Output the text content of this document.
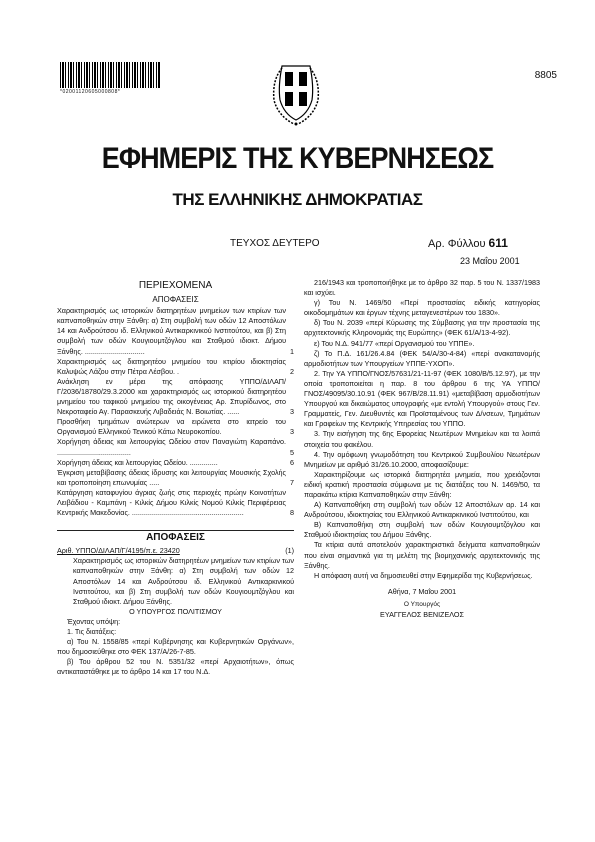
*02001120605000808*
8805
ΕΦΗΜΕΡΙΣ ΤΗΣ ΚΥΒΕΡΝΗΣΕΩΣ
ΤΗΣ ΕΛΛΗΝΙΚΗΣ ΔΗΜΟΚΡΑΤΙΑΣ
ΤΕΥΧΟΣ ΔΕΥΤΕΡΟ	Αρ. Φύλλου 611
23 Μαΐου 2001
ΠΕΡΙΕΧΟΜΕΝΑ
ΑΠΟΦΑΣΕΙΣ
Χαρακτηρισμός ως ιστορικών διατηρητέων μνημείων των κτιρίων των καπναποθηκών στην Ξάνθη: α) Στη συμβολή των οδών 12 Αποστόλων 14 και Ανδρούτσου ιδ. Ελληνικού Αντικαρκινικού Ινστιτούτου, και β) Στη συμβολή των οδών Κουγιουμτζόγλου και Σταθμού ιδιοκτ. Δήμου Ξάνθης. ..............................	1
Χαρακτηρισμός ως διατηρητέου μνημείου του κτιρίου ιδιοκτησίας Καλυψώς Λάζου στην Πέτρα Λέσβου. .	2
Ανάκληση εν μέρει της απόφασης ΥΠΠΟ/ΔΙΛΑΠ/Γ/2036/18780/29.3.2000 και χαρακτηρισμός ως ιστορικού διατηρητέου μνημείου του ταφικού μνημείου της οικογένειας Αρ. Σπυρίδωνος, στο Νεκροταφείο Αγ. Παρασκευής Λιβαδειάς Ν. Βοιωτίας. ......	3
Προσθήκη τμημάτων ανώτερων να ειρώνετα στο ιατρείο του Οργανισμού Ελληνικού Τενικού Κάτω Νευροκοπίου.	3
Χορήγηση άδειας και λειτουργίας Ωδείου στον Παναγιώτη Καραπάνο. .....................................	5
Χορήγηση άδειας και λειτουργίας Ωδείου. ..............	6
Έγκριση μεταβίβασης άδειας ίδρυσης και λειτουργίας Μουσικής Σχολής και τροποποίηση επωνυμίας .....	7
Κατάργηση καταφυγίου άγριας ζωής στις περιοχές πρώην Κοινοτήτων Λειβάδιου - Καμπάνη - Κιλκίς Δήμου Κιλκίς Νομού Κιλκίς Περιφέρειας Κεντρικής Μακεδονίας. ........................................................	8
ΑΠΟΦΑΣΕΙΣ
Αριθ. ΥΠΠΟ/ΔΙΛΑΠ/Γ/4195/π.ε. 23420	(1)

Χαρακτηρισμός ως ιστορικών διατηρητέων μνημείων των κτιρίων των καπναποθηκών στην Ξάνθη: α) Στη συμβολή των οδών 12 Αποστόλων 14 και Ανδρούτσου ιδ. Ελληνικού Αντικαρκινικού Ινστιτούτου, και β) Στη συμβολή των οδών Κουγιουμτζόγλου και Σταθμού ιδιοκτ. Δήμου Ξάνθης.

Ο ΥΠΟΥΡΓΟΣ ΠΟΛΙΤΙΣΜΟΥ

Έχοντας υπόψη:

1. Τις διατάξεις:

α) Του Ν. 1558/85 «περί Κυβέρνησης και Κυβερνητικών Οργάνων», που δημοσιεύθηκε στο ΦΕΚ 137/Α/26-7-85.

β) Του άρθρου 52 του Ν. 5351/32 «περί Αρχαιοτήτων», όπως αντικαταστάθηκε με το άρθρο 14 και 17 του Ν.Δ.

216/1943 και τροποποιήθηκε με το άρθρο 32 παρ. 5 του Ν. 1337/1983 και ισχύει.

γ) Του Ν. 1469/50 «Περί προστασίας ειδικής κατηγορίας οικοδομημάτων και έργων τέχνης μεταγενεστέρων του 1830».

δ) Του Ν. 2039 «περί Κύρωσης της Σύμβασης για την προστασία της αρχιτεκτονικής Κληρονομιάς της Ευρώπης» (ΦΕΚ 61/Α/13-4-92).

ε) Του Ν.Δ. 941/77 «περί Οργανισμού του ΥΠΠΕ».

ζ) Το Π.Δ. 161/26.4.84 (ΦΕΚ 54/Α/30-4-84) «περί ανακατανομής αρμοδιοτήτων των Υπουργείων ΥΠΠΕ-ΥΧΟΠ».

2. Την ΥΑ ΥΠΠΟ/ΓΝΟΣ/57631/21-11-97 (ΦΕΚ 1080/Β/5.12.97), με την οποία τροποποιείται η παρ. 8 του άρθρου 6 της ΥΑ ΥΠΠΟ/ΓΝΟΣ/49095/30.10.91 (ΦΕΚ 967/Β/28.11.91) «μεταβίβαση αρμοδιοτήτων Υπουργού και δικαιώματος υπογραφής «με εντολή Υπουργού» στους Γεν. Γραμματείς, Γεν. Διευθυντές και Προϊσταμένους των Δ/νσεων, Τμημάτων και Γραφείων της Κεντρικής Υπηρεσίας του ΥΠΠΟ.

3. Την εισήγηση της 6ης Εφορείας Νεωτέρων Μνημείων και τα λοιπά στοιχεία του φακέλου.

4. Την ομόφωνη γνωμοδότηση του Κεντρικού Συμβουλίου Νεωτέρων Μνημείων με αριθμό 31/26.10.2000, αποφασίζουμε:

Χαρακτηρίζουμε ως ιστορικά διατηρητέα μνημεία, που χρειάζονται ειδική κρατική προστασία σύμφωνα με τις διατάξεις του Ν. 1469/50, τα παρακάτω κτίρια Καπναποθηκών στην Ξάνθη:

Α) Καπναποθήκη στη συμβολή των οδών 12 Αποστόλων αρ. 14 και Ανδρούτσου, ιδιοκτησίας του Ελληνικού Αντικαρκινικού Ινστιτούτου, και

Β) Καπναποθήκη στη συμβολή των οδών Κουγιουμτζόγλου και Σταθμού ιδιοκτησίας του Δήμου Ξάνθης.

Τα κτίρια αυτά αποτελούν χαρακτηριστικά δείγματα καπναποθηκών που είναι σημαντικά για τη μελέτη της βιομηχανικής αρχιτεκτονικής της Ξάνθης.

Η απόφαση αυτή να δημοσιευθεί στην Εφημερίδα της Κυβερνήσεως.

Αθήνα, 7 Μαΐου 2001

Ο Υπουργός

ΕΥΑΓΓΕΛΟΣ ΒΕΝΙΖΕΛΟΣ
